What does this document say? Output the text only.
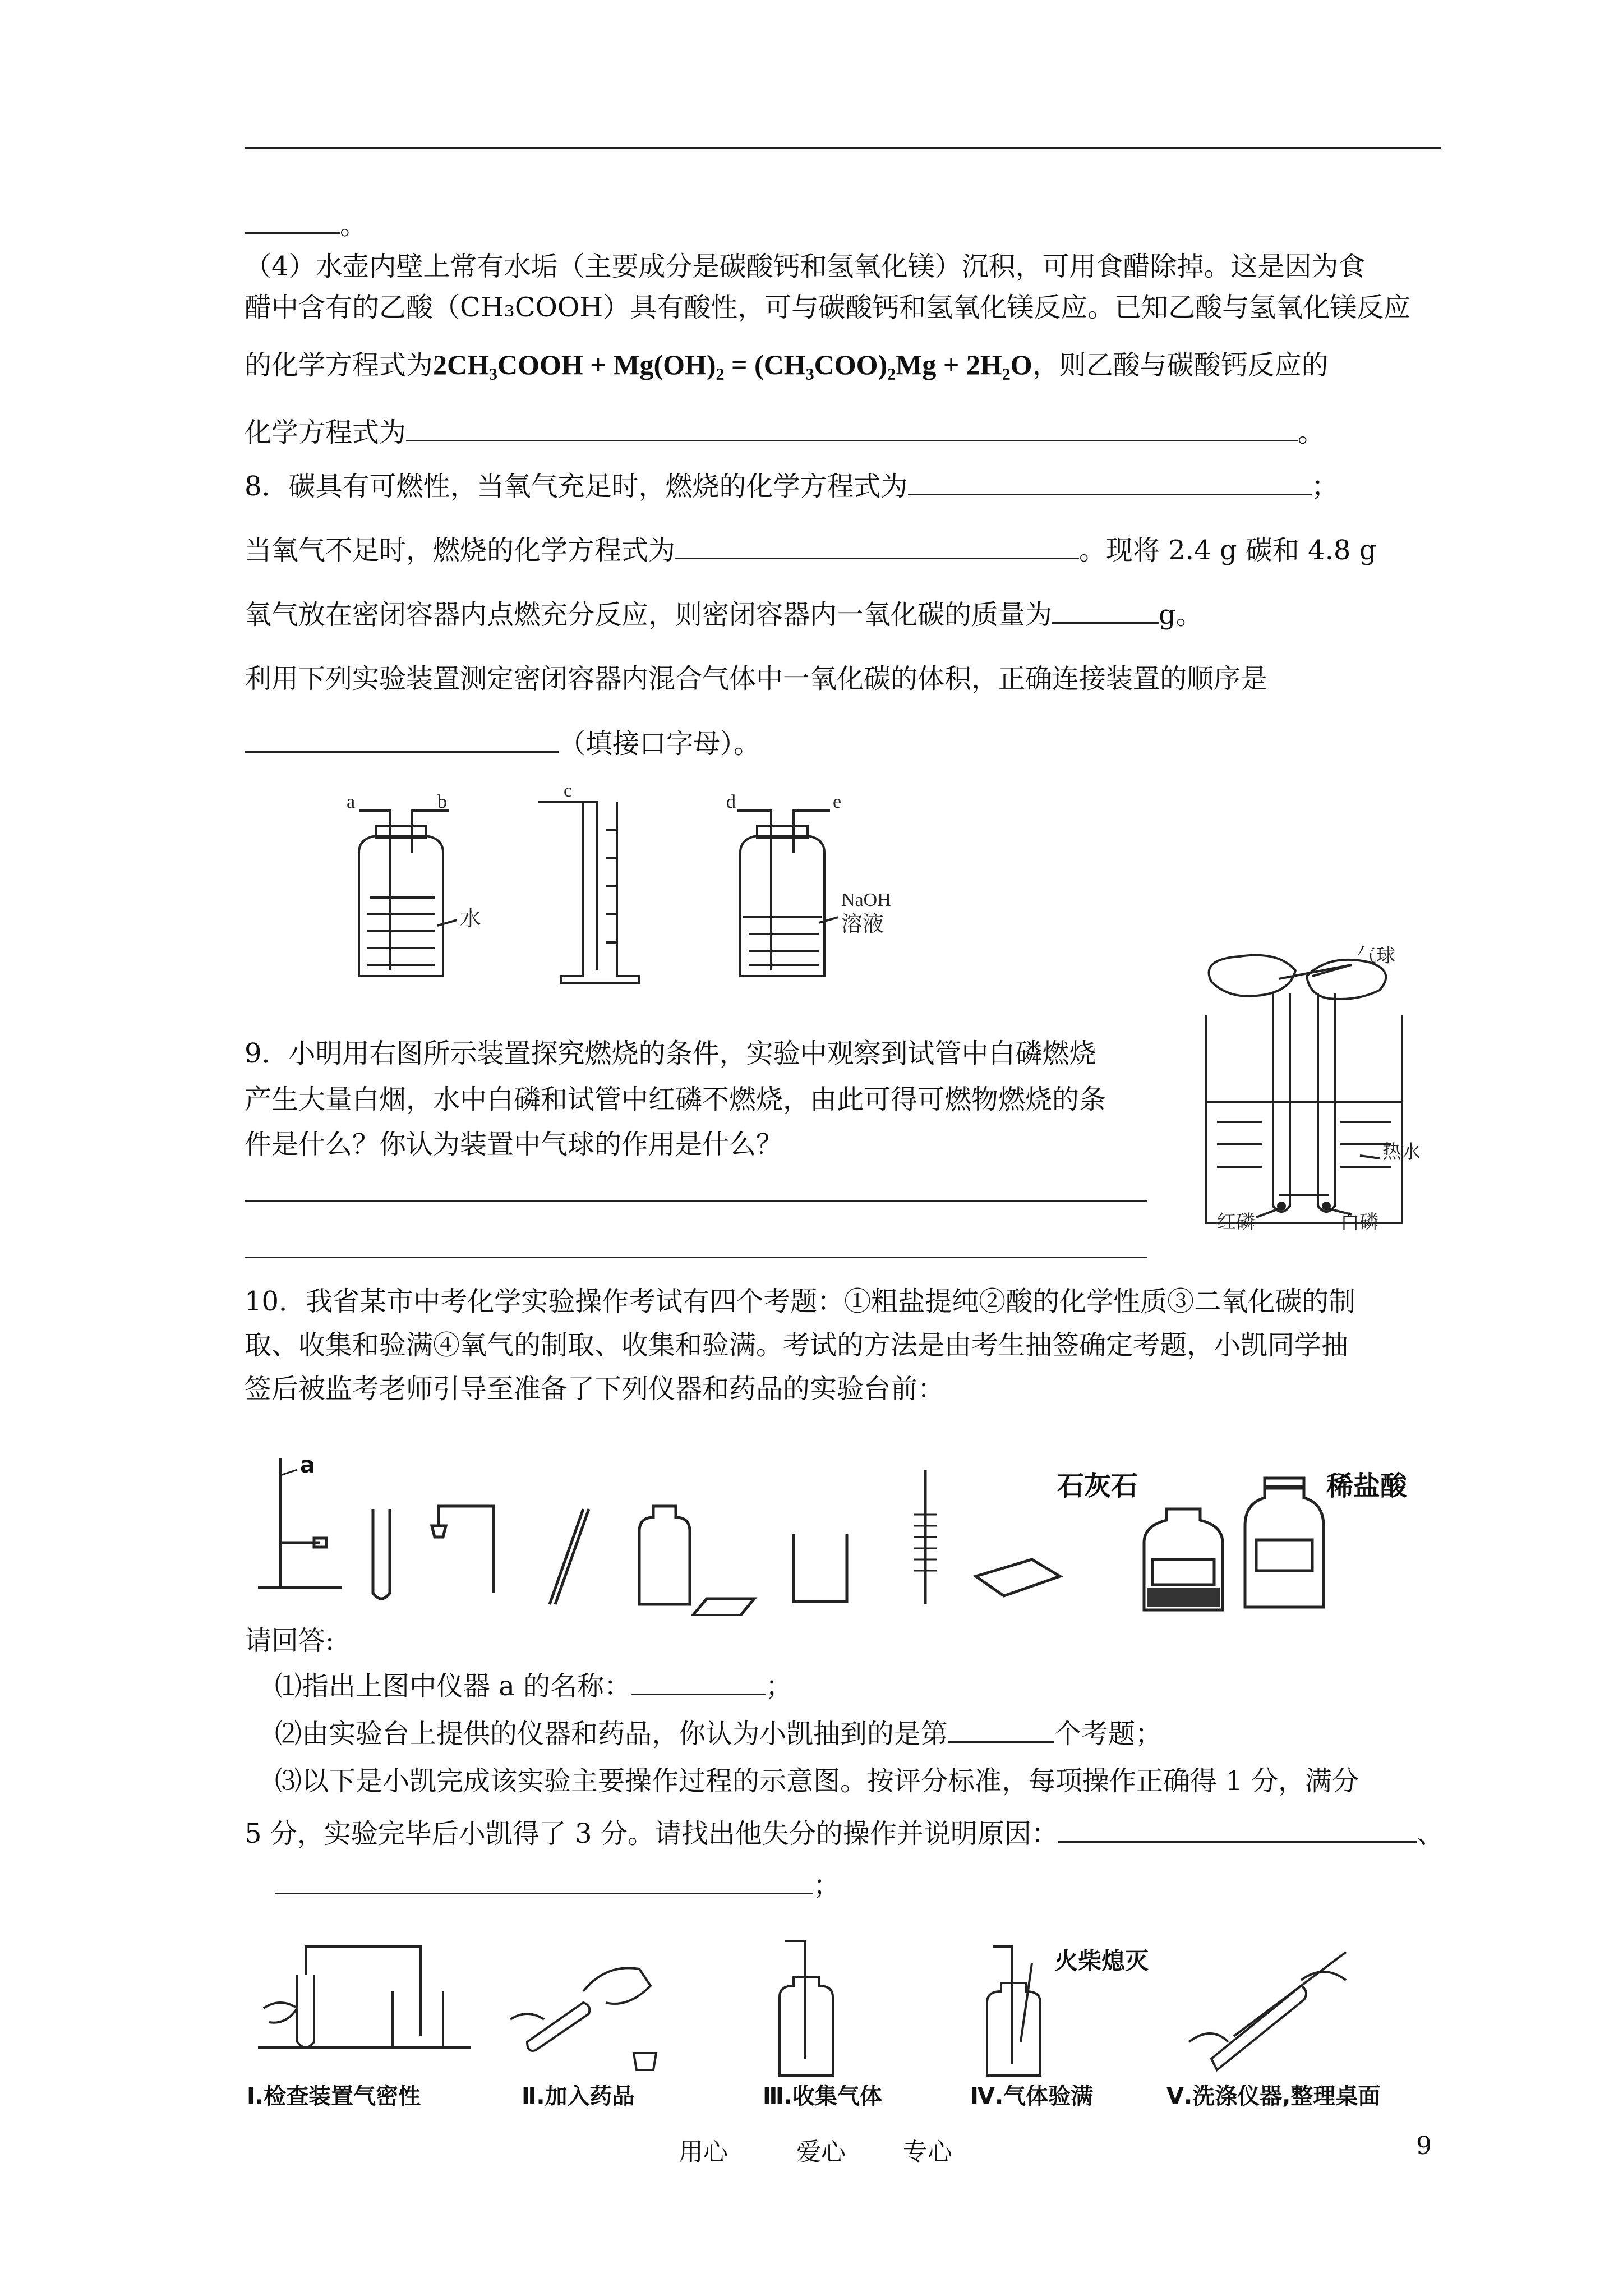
。
（4）水壶内壁上常有水垢（主要成分是碳酸钙和氢氧化镁）沉积，可用食醋除掉。这是因为食
醋中含有的乙酸（CH₃COOH）具有酸性，可与碳酸钙和氢氧化镁反应。已知乙酸与氢氧化镁反应
的化学方程式为2CH₃COOH + Mg(OH)₂ = (CH₃COO)₂Mg + 2H₂O，则乙酸与碳酸钙反应的
化学方程式为	。
8．碳具有可燃性，当氧气充足时，燃烧的化学方程式为	；
当氧气不足时，燃烧的化学方程式为	。现将 2.4 g 碳和 4.8 g
氧气放在密闭容器内点燃充分反应，则密闭容器内一氧化碳的质量为	g。
利用下列实验装置测定密闭容器内混合气体中一氧化碳的体积，正确连接装置的顺序是
（填接口字母）。
a	b
c
d	e
水
NaOH
溶液
9．小明用右图所示装置探究燃烧的条件，实验中观察到试管中白磷燃烧
产生大量白烟，水中白磷和试管中红磷不燃烧，由此可得可燃物燃烧的条
件是什么？你认为装置中气球的作用是什么？
气球
热水
红磷	白磷
10．我省某市中考化学实验操作考试有四个考题：①粗盐提纯②酸的化学性质③二氧化碳的制
取、收集和验满④氧气的制取、收集和验满。考试的方法是由考生抽签确定考题，小凯同学抽
签后被监考老师引导至准备了下列仪器和药品的实验台前：
a
石灰石	稀盐酸
请回答:
⑴指出上图中仪器 a 的名称：	；
⑵由实验台上提供的仪器和药品，你认为小凯抽到的是第	个考题；
⑶以下是小凯完成该实验主要操作过程的示意图。按评分标准，每项操作正确得 1 分，满分
5 分，实验完毕后小凯得了 3 分。请找出他失分的操作并说明原因：	、
；
火柴熄灭
Ⅰ.检查装置气密性	Ⅱ.加入药品	Ⅲ.收集气体	Ⅳ.气体验满	Ⅴ.洗涤仪器,整理桌面
用心	爱心 专心	9
